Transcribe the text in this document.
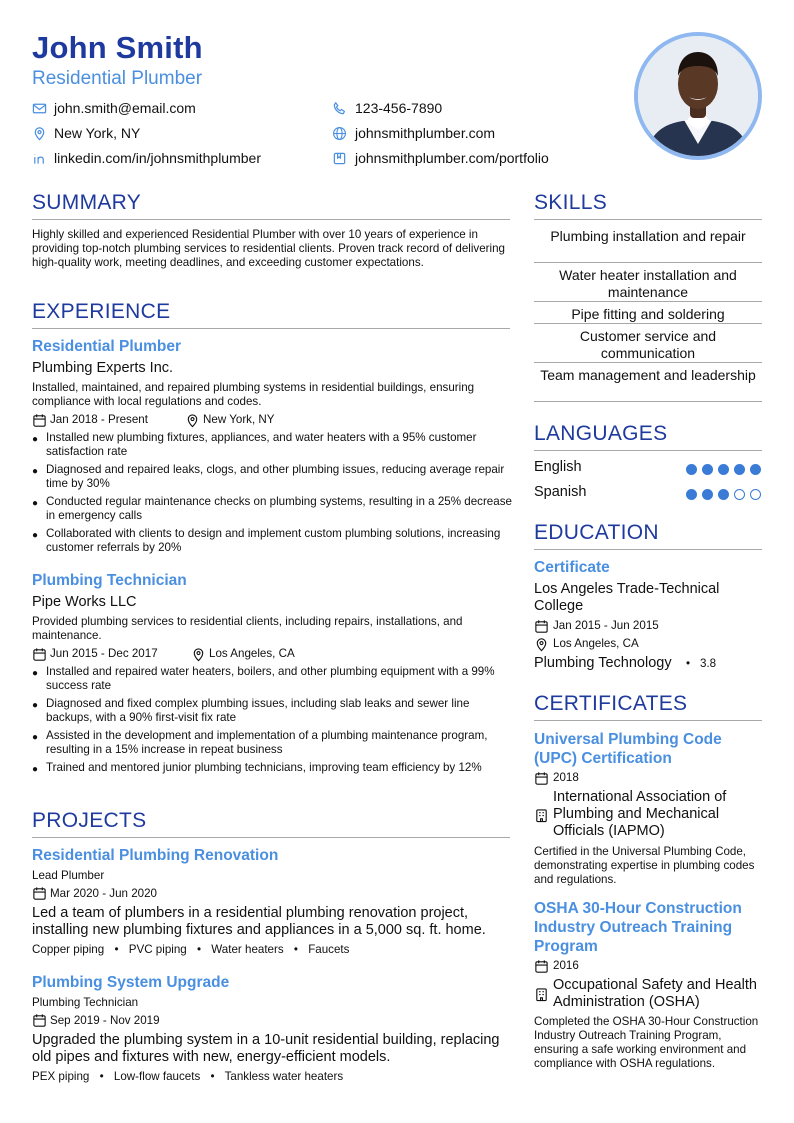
John Smith
Residential Plumber
john.smith@email.com	123-456-7890
New York, NY	johnsmithplumber.com
linkedin.com/in/johnsmithplumber	johnsmithplumber.com/portfolio
SUMMARY
Highly skilled and experienced Residential Plumber with over 10 years of experience in providing top-notch plumbing services to residential clients. Proven track record of delivering high-quality work, meeting deadlines, and exceeding customer expectations.
EXPERIENCE
Residential Plumber
Plumbing Experts Inc.
Installed, maintained, and repaired plumbing systems in residential buildings, ensuring compliance with local regulations and codes.
Jan 2018 - Present	New York, NY
● Installed new plumbing fixtures, appliances, and water heaters with a 95% customer satisfaction rate
● Diagnosed and repaired leaks, clogs, and other plumbing issues, reducing average repair time by 30%
● Conducted regular maintenance checks on plumbing systems, resulting in a 25% decrease in emergency calls
● Collaborated with clients to design and implement custom plumbing solutions, increasing customer referrals by 20%
Plumbing Technician
Pipe Works LLC
Provided plumbing services to residential clients, including repairs, installations, and maintenance.
Jun 2015 - Dec 2017	Los Angeles, CA
● Installed and repaired water heaters, boilers, and other plumbing equipment with a 99% success rate
● Diagnosed and fixed complex plumbing issues, including slab leaks and sewer line backups, with a 90% first-visit fix rate
● Assisted in the development and implementation of a plumbing maintenance program, resulting in a 15% increase in repeat business
● Trained and mentored junior plumbing technicians, improving team efficiency by 12%
PROJECTS
Residential Plumbing Renovation
Lead Plumber
Mar 2020 - Jun 2020
Led a team of plumbers in a residential plumbing renovation project, installing new plumbing fixtures and appliances in a 5,000 sq. ft. home.
Copper piping • PVC piping • Water heaters • Faucets
Plumbing System Upgrade
Plumbing Technician
Sep 2019 - Nov 2019
Upgraded the plumbing system in a 10-unit residential building, replacing old pipes and fixtures with new, energy-efficient models.
PEX piping • Low-flow faucets • Tankless water heaters
SKILLS
Plumbing installation and repair
Water heater installation and maintenance
Pipe fitting and soldering
Customer service and communication
Team management and leadership
LANGUAGES
English
Spanish
EDUCATION
Certificate
Los Angeles Trade-Technical College
Jan 2015 - Jun 2015
Los Angeles, CA
Plumbing Technology • 3.8
CERTIFICATES
Universal Plumbing Code (UPC) Certification
2018
International Association of Plumbing and Mechanical Officials (IAPMO)
Certified in the Universal Plumbing Code, demonstrating expertise in plumbing codes and regulations.
OSHA 30-Hour Construction Industry Outreach Training Program
2016
Occupational Safety and Health Administration (OSHA)
Completed the OSHA 30-Hour Construction Industry Outreach Training Program, ensuring a safe working environment and compliance with OSHA regulations.
